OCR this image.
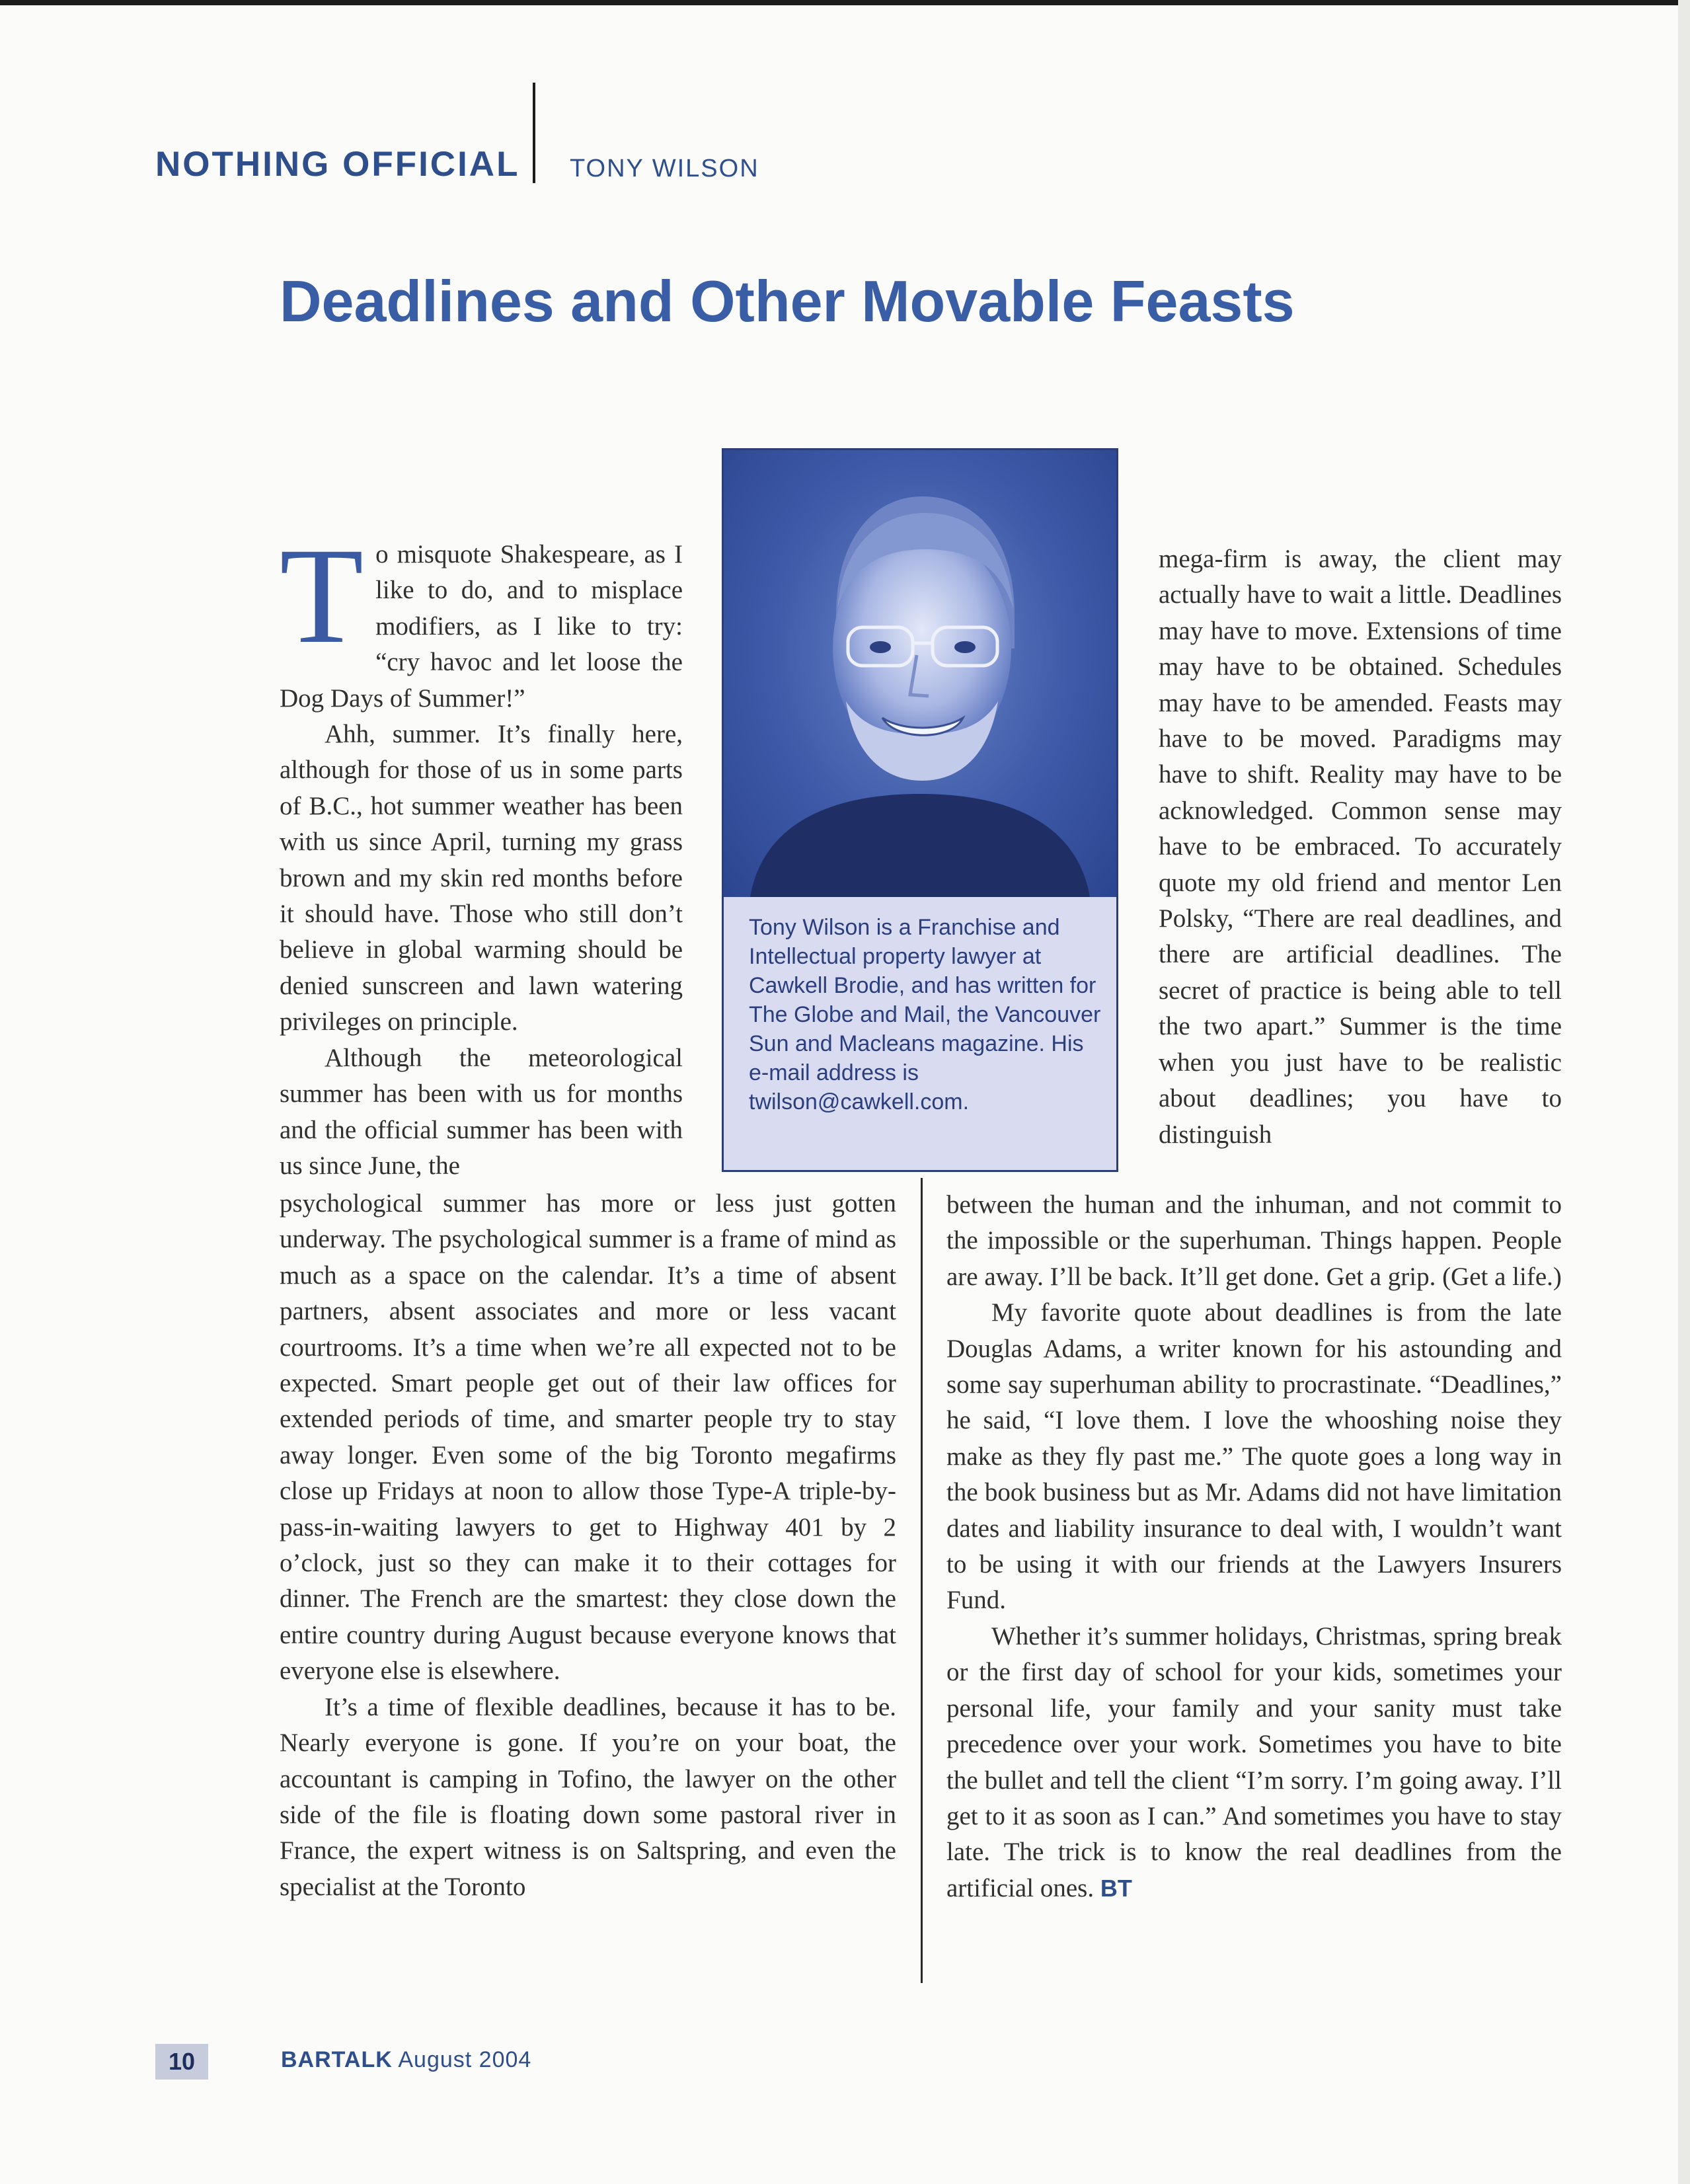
NOTHING OFFICIAL TONY WILSON
Deadlines and Other Movable Feasts

Tony Wilson is a Franchise and Intellectual property lawyer at Cawkell Brodie, and has written for The Globe and Mail, the Vancouver Sun and Macleans magazine. His e-mail address is twilson@cawkell.com.

To misquote Shakespeare, as I like to do, and to misplace modifiers, as I like to try: “cry havoc and let loose the Dog Days of Summer!”

Ahh, summer. It’s finally here, although for those of us in some parts of B.C., hot summer weather has been with us since April, turning my grass brown and my skin red months before it should have. Those who still don’t believe in global warming should be denied sunscreen and lawn watering privileges on principle.

Although the meteorological summer has been with us for months and the official summer has been with us since June, the

psychological summer has more or less just gotten underway. The psychological summer is a frame of mind as much as a space on the calendar. It’s a time of absent partners, absent associates and more or less vacant courtrooms. It’s a time when we’re all expected not to be expected. Smart people get out of their law offices for extended periods of time, and smarter people try to stay away longer. Even some of the big Toronto megafirms close up Fridays at noon to allow those Type-A triple-by-pass-in-waiting lawyers to get to Highway 401 by 2 o’clock, just so they can make it to their cottages for dinner. The French are the smartest: they close down the entire country during August because everyone knows that everyone else is elsewhere.

It’s a time of flexible deadlines, because it has to be. Nearly everyone is gone. If you’re on your boat, the accountant is camping in Tofino, the lawyer on the other side of the file is floating down some pastoral river in France, the expert witness is on Saltspring, and even the specialist at the Toronto

mega-firm is away, the client may actually have to wait a little. Deadlines may have to move. Extensions of time may have to be obtained. Schedules may have to be amended. Feasts may have to be moved. Paradigms may have to shift. Reality may have to be acknowledged. Common sense may have to be embraced. To accurately quote my old friend and mentor Len Polsky, “There are real deadlines, and there are artificial deadlines. The secret of practice is being able to tell the two apart.” Summer is the time when you just have to be realistic about deadlines; you have to distinguish

between the human and the inhuman, and not commit to the impossible or the superhuman. Things happen. People are away. I’ll be back. It’ll get done. Get a grip. (Get a life.)

My favorite quote about deadlines is from the late Douglas Adams, a writer known for his astounding and some say superhuman ability to procrastinate. “Deadlines,” he said, “I love them. I love the whooshing noise they make as they fly past me.” The quote goes a long way in the book business but as Mr. Adams did not have limitation dates and liability insurance to deal with, I wouldn’t want to be using it with our friends at the Lawyers Insurers Fund.

Whether it’s summer holidays, Christmas, spring break or the first day of school for your kids, sometimes your personal life, your family and your sanity must take precedence over your work. Sometimes you have to bite the bullet and tell the client “I’m sorry. I’m going away. I’ll get to it as soon as I can.” And sometimes you have to stay late. The trick is to know the real deadlines from the artificial ones. BT

10	BARTALK August 2004
